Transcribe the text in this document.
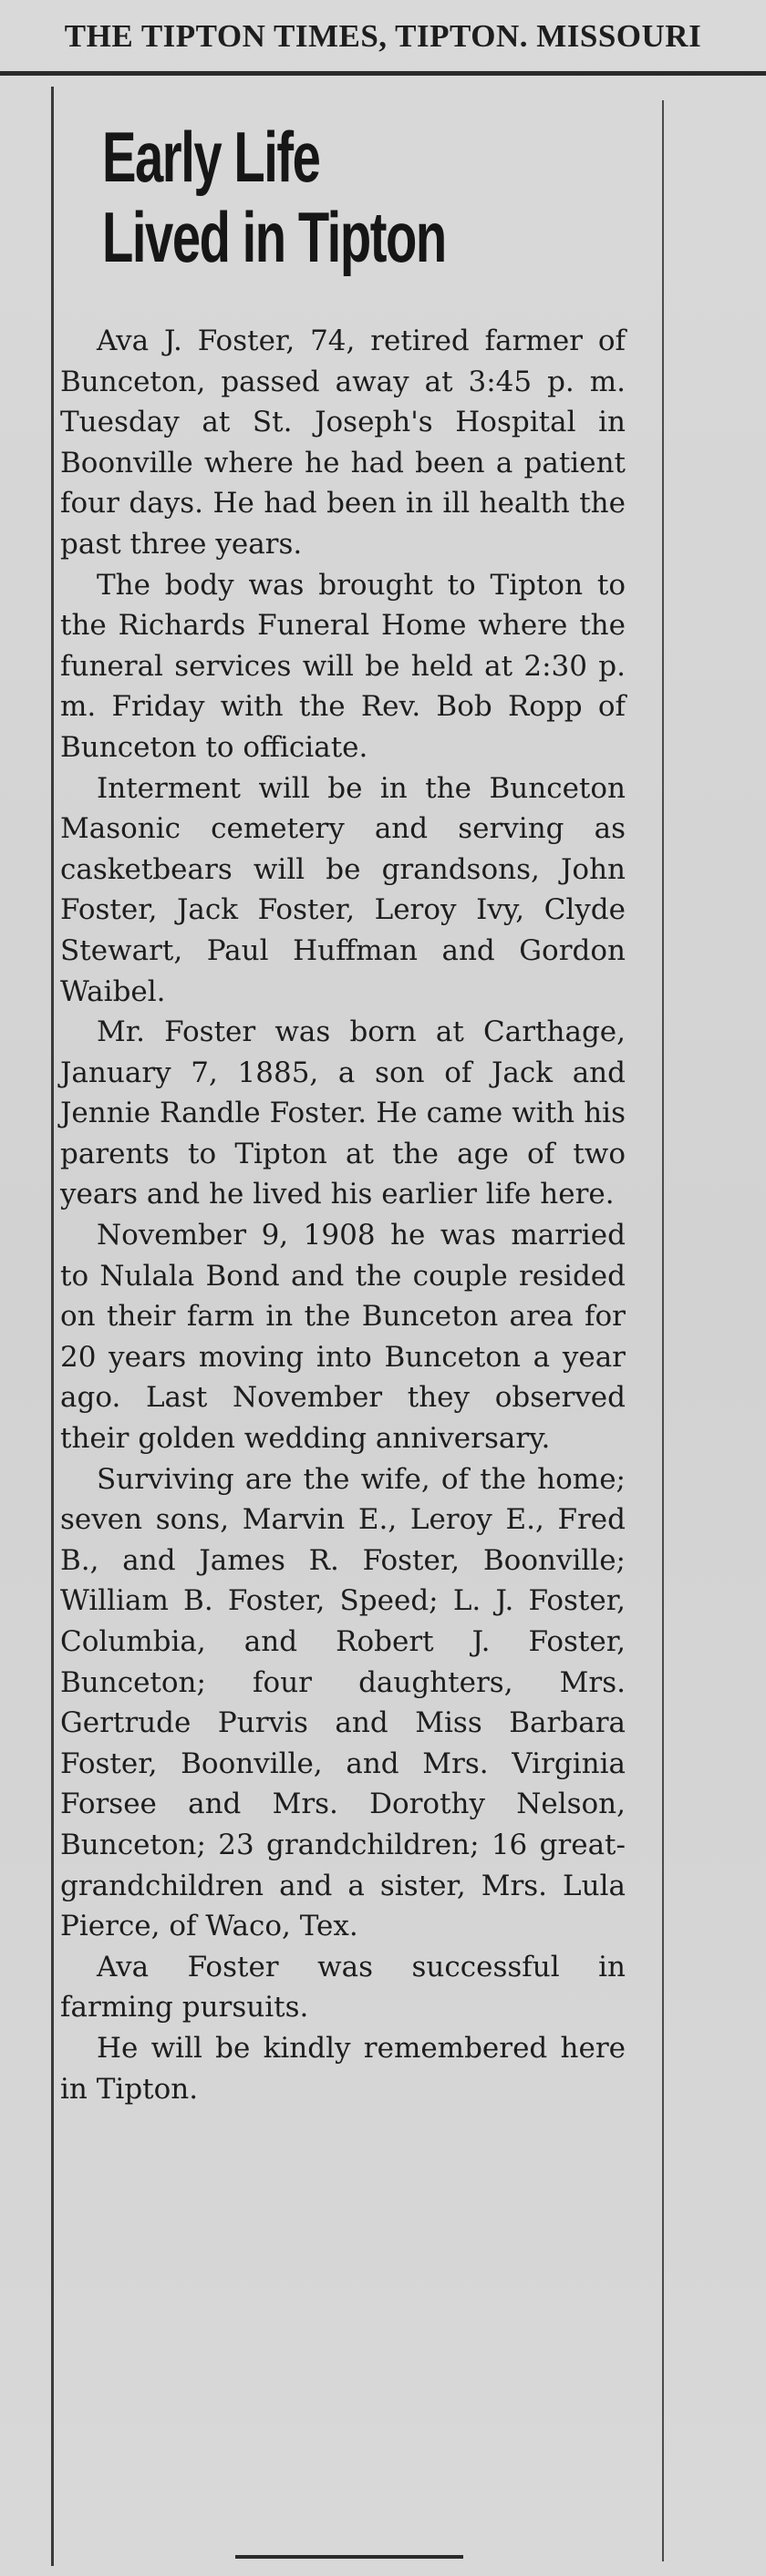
THE TIPTON TIMES, TIPTON. MISSOURI
Early Life
Lived in Tipton

Ava J. Foster, 74, retired farmer of Bunceton, passed away at 3:45 p. m. Tuesday at St. Joseph's Hospital in Boonville where he had been a patient four days. He had been in ill health the past three years.

The body was brought to Tipton to the Richards Funeral Home where the funeral services will be held at 2:30 p. m. Friday with the Rev. Bob Ropp of Bunceton to officiate.

Interment will be in the Bunceton Masonic cemetery and serving as casketbears will be grandsons, John Foster, Jack Foster, Leroy Ivy, Clyde Stewart, Paul Huffman and Gordon Waibel.

Mr. Foster was born at Carthage, January 7, 1885, a son of Jack and Jennie Randle Foster. He came with his parents to Tipton at the age of two years and he lived his earlier life here.

November 9, 1908 he was married to Nulala Bond and the couple resided on their farm in the Bunceton area for 20 years moving into Bunceton a year ago. Last November they observed their golden wedding anniversary.

Surviving are the wife, of the home; seven sons, Marvin E., Leroy E., Fred B., and James R. Foster, Boonville; William B. Foster, Speed; L. J. Foster, Columbia, and Robert J. Foster, Bunceton; four daughters, Mrs. Gertrude Purvis and Miss Barbara Foster, Boonville, and Mrs. Virginia Forsee and Mrs. Dorothy Nelson, Bunceton; 23 grandchildren; 16 great-grandchildren and a sister, Mrs. Lula Pierce, of Waco, Tex.

Ava Foster was successful in farming pursuits.

He will be kindly remembered here in Tipton.
